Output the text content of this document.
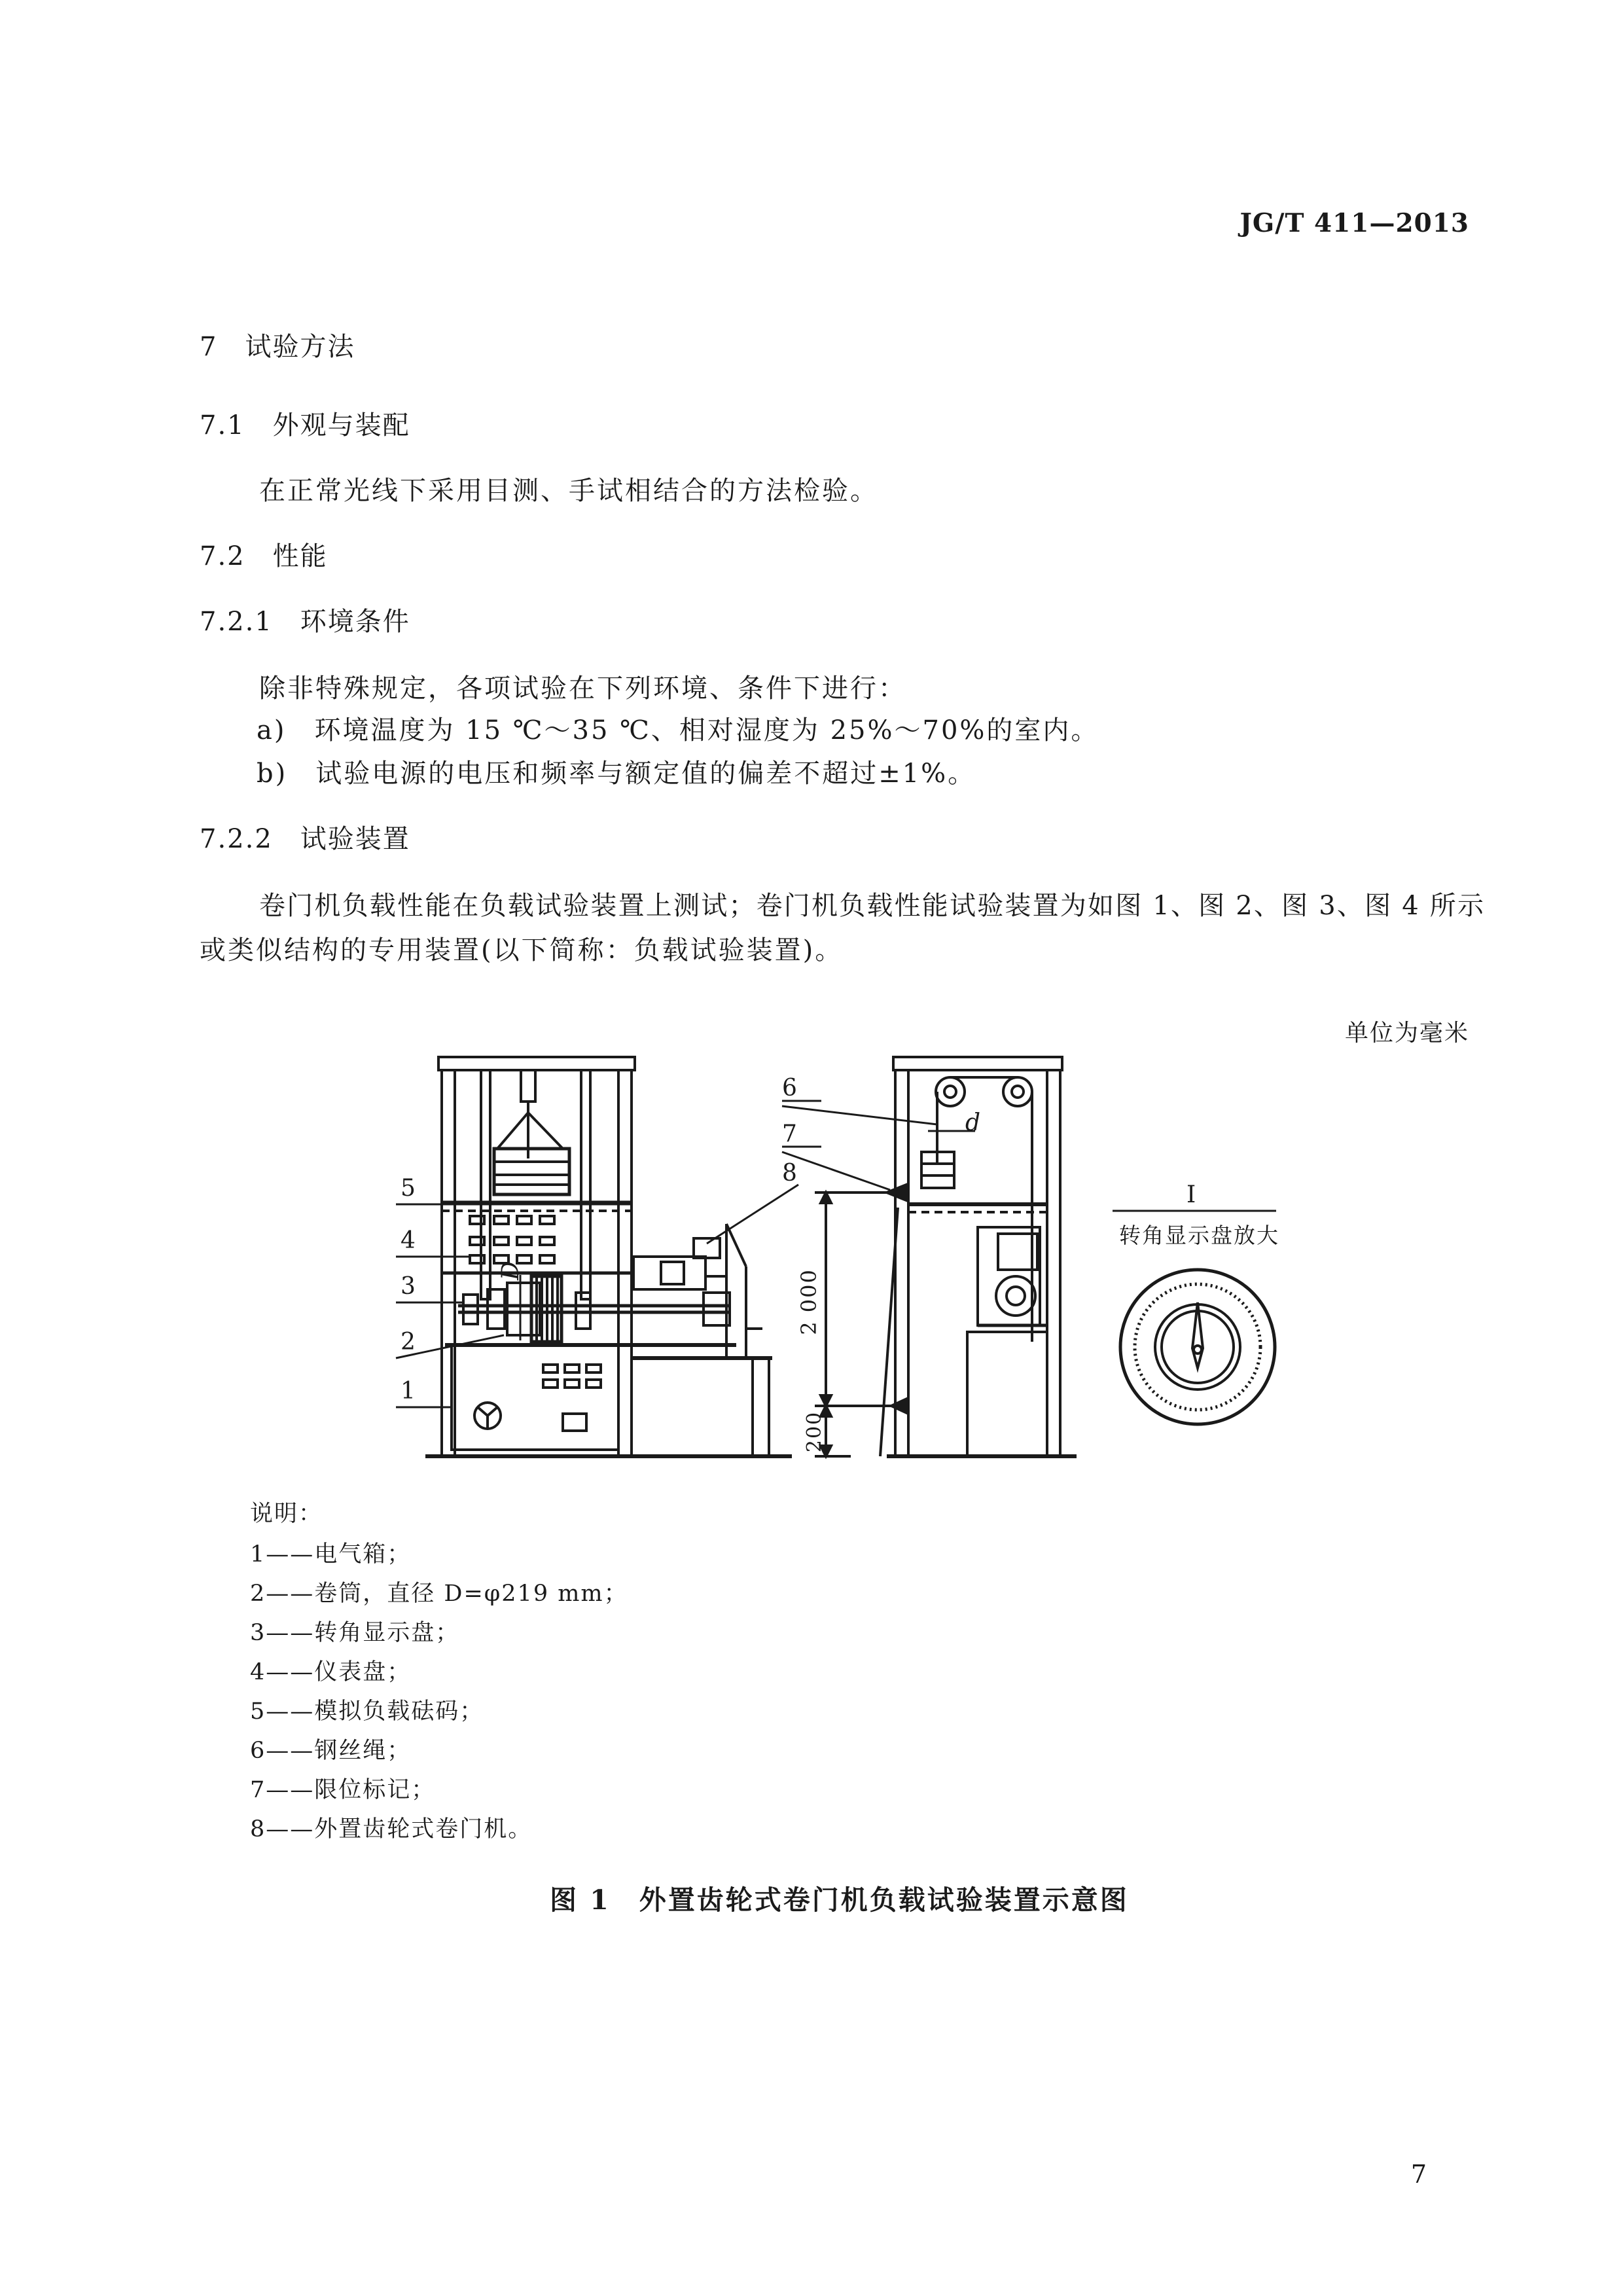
JG/T 411—2013
7　试验方法
7.1　外观与装配
在正常光线下采用目测、手试相结合的方法检验。
7.2　性能
7.2.1　环境条件
除非特殊规定，各项试验在下列环境、条件下进行：
a)　环境温度为 15 ℃～35 ℃、相对湿度为 25%～70%的室内。
b)　试验电源的电压和频率与额定值的偏差不超过±1%。
7.2.2　试验装置
卷门机负载性能在负载试验装置上测试；卷门机负载性能试验装置为如图 1、图 2、图 3、图 4 所示
或类似结构的专用装置(以下简称：负载试验装置)。
单位为毫米
5
4
3
2
1
6
7
8
D
d
2 000
200
I
转角显示盘放大
说明：
1——电气箱；
2——卷筒，直径 D=φ219 mm；
3——转角显示盘；
4——仪表盘；
5——模拟负载砝码；
6——钢丝绳；
7——限位标记；
8——外置齿轮式卷门机。
图 1　外置齿轮式卷门机负载试验装置示意图
7
